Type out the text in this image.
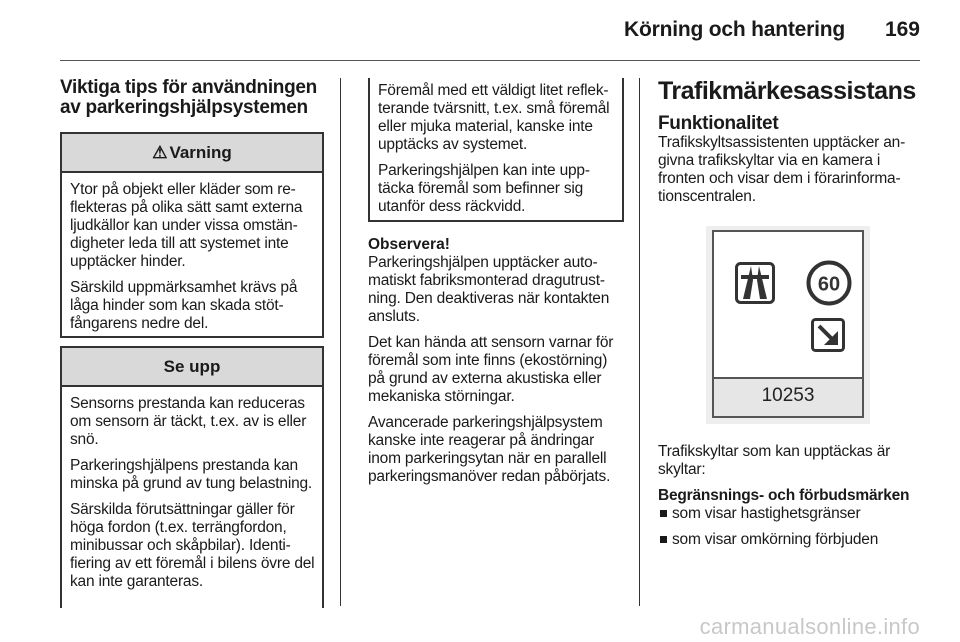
Körning och hantering 169
Viktiga tips för användningen av parkeringshjälpsystemen
⚠ Varning

Ytor på objekt eller kläder som reflekteras på olika sätt samt externa ljudkällor kan under vissa omständigheter leda till att systemet inte upptäcker hinder.

Särskild uppmärksamhet krävs på låga hinder som kan skada stötfångarens nedre del.

Se upp

Sensorns prestanda kan reduceras om sensorn är täckt, t.ex. av is eller snö.

Parkeringshjälpens prestanda kan minska på grund av tung belastning.

Särskilda förutsättningar gäller för höga fordon (t.ex. terrängfordon, minibussar och skåpbilar). Identifiering av ett föremål i bilens övre del kan inte garanteras.

Föremål med ett väldigt litet reflekterande tvärsnitt, t.ex. små föremål eller mjuka material, kanske inte upptäcks av systemet.

Parkeringshjälpen kan inte upptäcka föremål som befinner sig utanför dess räckvidd.

Observera!

Parkeringshjälpen upptäcker automatiskt fabriksmonterad dragutrustning. Den deaktiveras när kontakten ansluts.

Det kan hända att sensorn varnar för föremål som inte finns (ekostörning) på grund av externa akustiska eller mekaniska störningar.

Avancerade parkeringshjälpsystem kanske inte reagerar på ändringar inom parkeringsytan när en parallell parkeringsmanöver redan påbörjats.

Trafikmärkesassistans
Funktionalitet

Trafikskyltsassistenten upptäcker angivna trafikskyltar via en kamera i fronten och visar dem i förarinformationscentralen.

60
10253

Trafikskyltar som kan upptäckas är skyltar:

Begränsnings- och förbudsmärken
som visar hastighetsgränser
som visar omkörning förbjuden
carmanualsonline.info
